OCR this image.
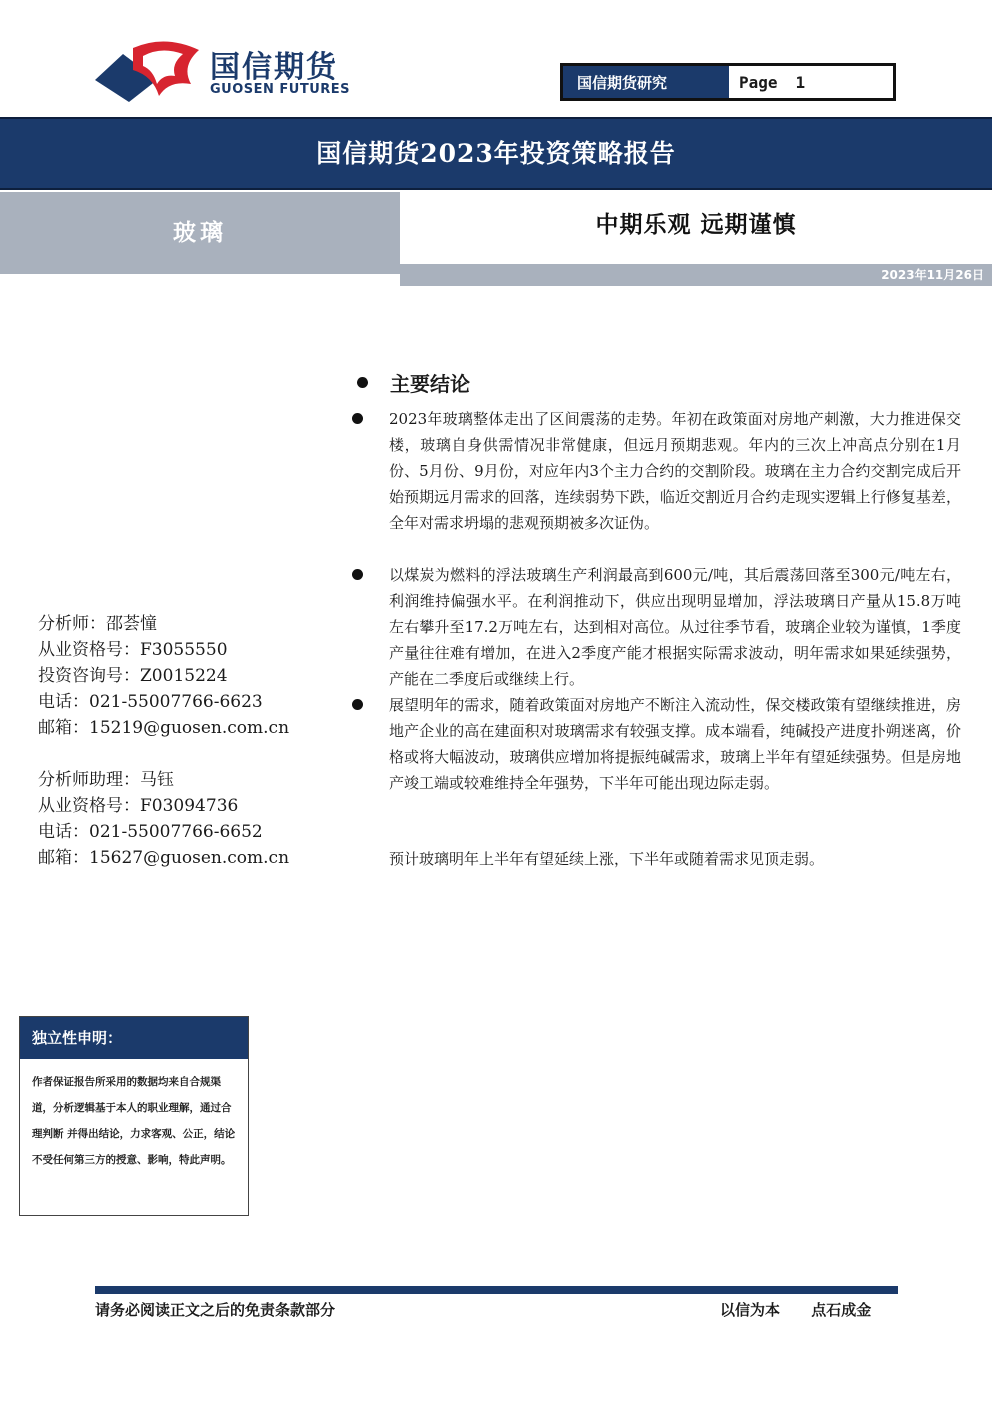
国信期货
GUOSEN FUTURES	国信期货研究	Page 1
国信期货2023年投资策略报告
玻璃	中期乐观 远期谨慎
2023年11月26日
主要结论
2023年玻璃整体走出了区间震荡的走势。年初在政策面对房地产刺激，大力推进保交楼，玻璃自身供需情况非常健康，但远月预期悲观。年内的三次上冲高点分别在1月份、5月份、9月份，对应年内3个主力合约的交割阶段。玻璃在主力合约交割完成后开始预期远月需求的回落，连续弱势下跌，临近交割近月合约走现实逻辑上行修复基差，全年对需求坍塌的悲观预期被多次证伪。
以煤炭为燃料的浮法玻璃生产利润最高到600元/吨，其后震荡回落至300元/吨左右，利润维持偏强水平。在利润推动下，供应出现明显增加，浮法玻璃日产量从15.8万吨左右攀升至17.2万吨左右，达到相对高位。从过往季节看，玻璃企业较为谨慎，1季度产量往往难有增加，在进入2季度产能才根据实际需求波动，明年需求如果延续强势，产能在二季度后或继续上行。
展望明年的需求，随着政策面对房地产不断注入流动性，保交楼政策有望继续推进，房地产企业的高在建面积对玻璃需求有较强支撑。成本端看，纯碱投产进度扑朔迷离，价格或将大幅波动，玻璃供应增加将提振纯碱需求，玻璃上半年有望延续强势。但是房地产竣工端或较难维持全年强势，下半年可能出现边际走弱。
预计玻璃明年上半年有望延续上涨，下半年或随着需求见顶走弱。
分析师：邵荟憧
从业资格号：F3055550
投资咨询号：Z0015224
电话：021-55007766-6623
邮箱：15219@guosen.com.cn
分析师助理：马钰
从业资格号：F03094736
电话：021-55007766-6652
邮箱：15627@guosen.com.cn
独立性申明：
作者保证报告所采用的数据均来自合规渠道，分析逻辑基于本人的职业理解，通过合理判断 并得出结论，力求客观、公正，结论不受任何第三方的授意、影响，特此声明。
请务必阅读正文之后的免责条款部分	以信为本 点石成金
